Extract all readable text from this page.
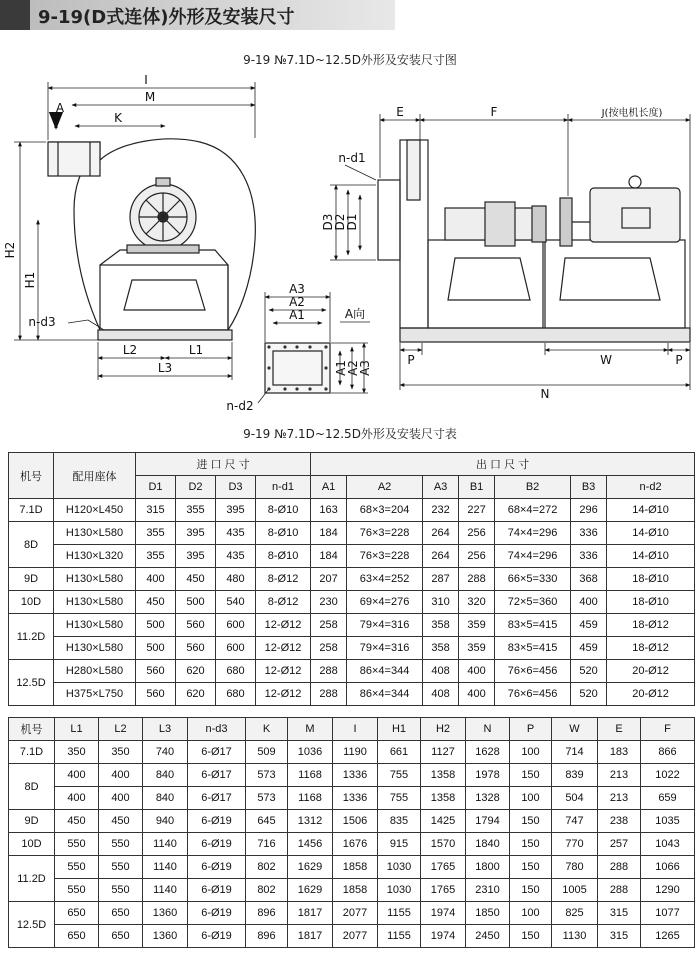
9-19(D式连体)外形及安装尺寸
9-19 №7.1D~12.5D外形及安装尺寸图
I
M
A
K
H2
H1
n-d3
L2	L1
L3
A3
A2
A1	A向
A1
A2
A3
n-d2
E	F	J(按电机长度)
n-d1
D3
D2
D1
P	W	P
N
9-19 №7.1D~12.5D外形及安装尺寸表
机号	配用座体	进 口 尺 寸				出 口 尺 寸						
		D1	D2	D3	n-d1	A1	A2	A3	B1	B2	B3	n-d2
7.1D	H120×L450	315	355	395	8-Ø10	163	68×3=204	232	227	68×4=272	296	14-Ø10
8D	H130×L580	355	395	435	8-Ø10	184	76×3=228	264	256	74×4=296	336	14-Ø10
	H130×L320	355	395	435	8-Ø10	184	76×3=228	264	256	74×4=296	336	14-Ø10
9D	H130×L580	400	450	480	8-Ø12	207	63×4=252	287	288	66×5=330	368	18-Ø10
10D	H130×L580	450	500	540	8-Ø12	230	69×4=276	310	320	72×5=360	400	18-Ø10
11.2D	H130×L580	500	560	600	12-Ø12	258	79×4=316	358	359	83×5=415	459	18-Ø12
	H130×L580	500	560	600	12-Ø12	258	79×4=316	358	359	83×5=415	459	18-Ø12
12.5D	H280×L580	560	620	680	12-Ø12	288	86×4=344	408	400	76×6=456	520	20-Ø12
	H375×L750	560	620	680	12-Ø12	288	86×4=344	408	400	76×6=456	520	20-Ø12
机号	L1	L2	L3	n-d3	K	M	I	H1	H2	N	P	W	E	F
7.1D	350	350	740	6-Ø17	509	1036	1190	661	1127	1628	100	714	183	866
8D	400	400	840	6-Ø17	573	1168	1336	755	1358	1978	150	839	213	1022
	400	400	840	6-Ø17	573	1168	1336	755	1358	1328	100	504	213	659
9D	450	450	940	6-Ø19	645	1312	1506	835	1425	1794	150	747	238	1035
10D	550	550	1140	6-Ø19	716	1456	1676	915	1570	1840	150	770	257	1043
11.2D	550	550	1140	6-Ø19	802	1629	1858	1030	1765	1800	150	780	288	1066
	550	550	1140	6-Ø19	802	1629	1858	1030	1765	2310	150	1005	288	1290
12.5D	650	650	1360	6-Ø19	896	1817	2077	1155	1974	1850	100	825	315	1077
	650	650	1360	6-Ø19	896	1817	2077	1155	1974	2450	150	1130	315	1265
